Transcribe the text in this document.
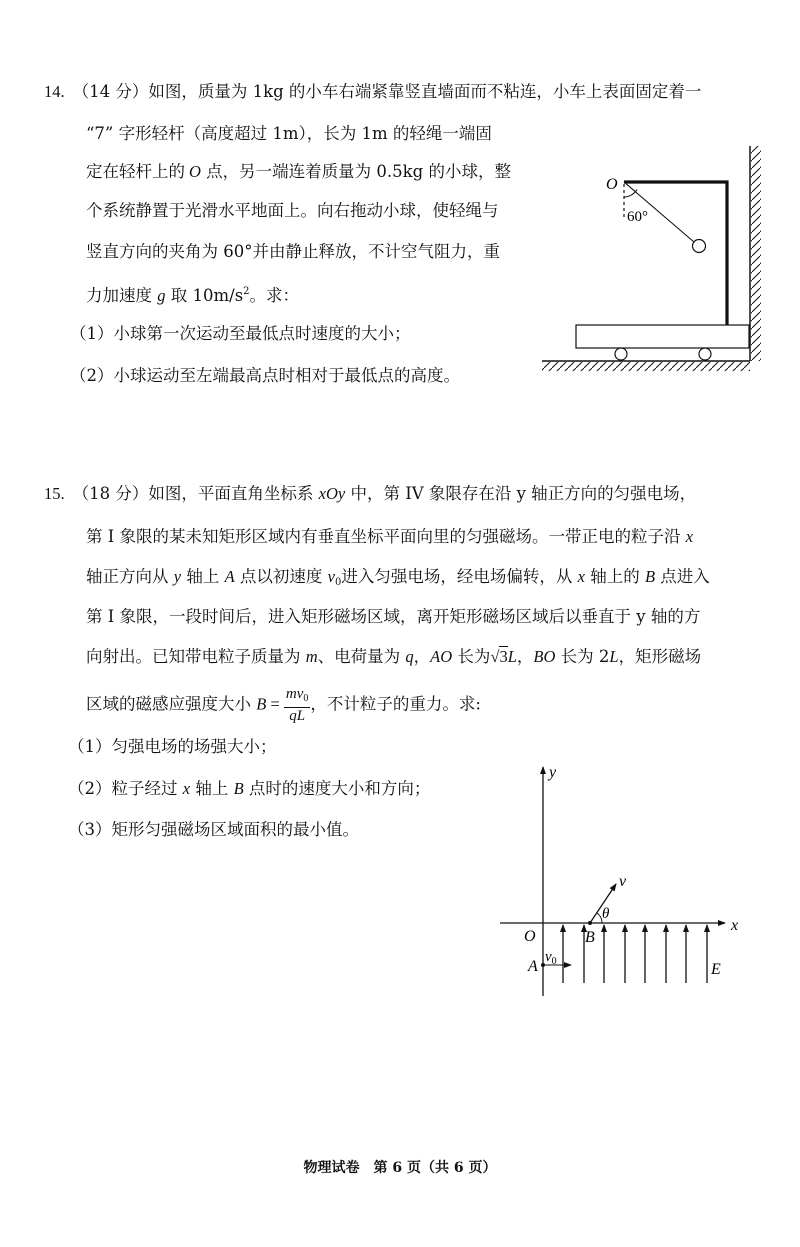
14. （14 分）如图，质量为 1kg 的小车右端紧靠竖直墙面而不粘连，小车上表面固定着一
“7” 字形轻杆（高度超过 1m），长为 1m 的轻绳一端固
定在轻杆上的 O 点，另一端连着质量为 0.5kg 的小球，整
个系统静置于光滑水平地面上。向右拖动小球，使轻绳与
竖直方向的夹角为 60°并由静止释放，不计空气阻力，重
力加速度 g 取 $10m/s^2$。求：
（1）小球第一次运动至最低点时速度的大小；
（2）小球运动至左端最高点时相对于最低点的高度。
15. （18 分）如图，平面直角坐标系 xOy 中，第 IV 象限存在沿 y 轴正方向的匀强电场，
第 I 象限的某未知矩形区域内有垂直坐标平面向里的匀强磁场。一带正电的粒子沿 x
轴正方向从 y 轴上 A 点以初速度 $v_0$进入匀强电场，经电场偏转，从 x 轴上的 B 点进入
第 I 象限，一段时间后，进入矩形磁场区域，离开矩形磁场区域后以垂直于 y 轴的方
向射出。已知带电粒子质量为 m、电荷量为 q，AO 长为√3L，BO 长为 2L，矩形磁场
区域的磁感应强度大小 $B = \frac{mv_0}{qL}$ ，不计粒子的重力。求:
（1）匀强电场的场强大小；
（2）粒子经过 x 轴上 B 点时的速度大小和方向；
（3）矩形匀强磁场区域面积的最小值。
O
60°
y
x
O
A
$v_0$
B
v
θ
E
物理试卷　第 6 页（共 6 页）
